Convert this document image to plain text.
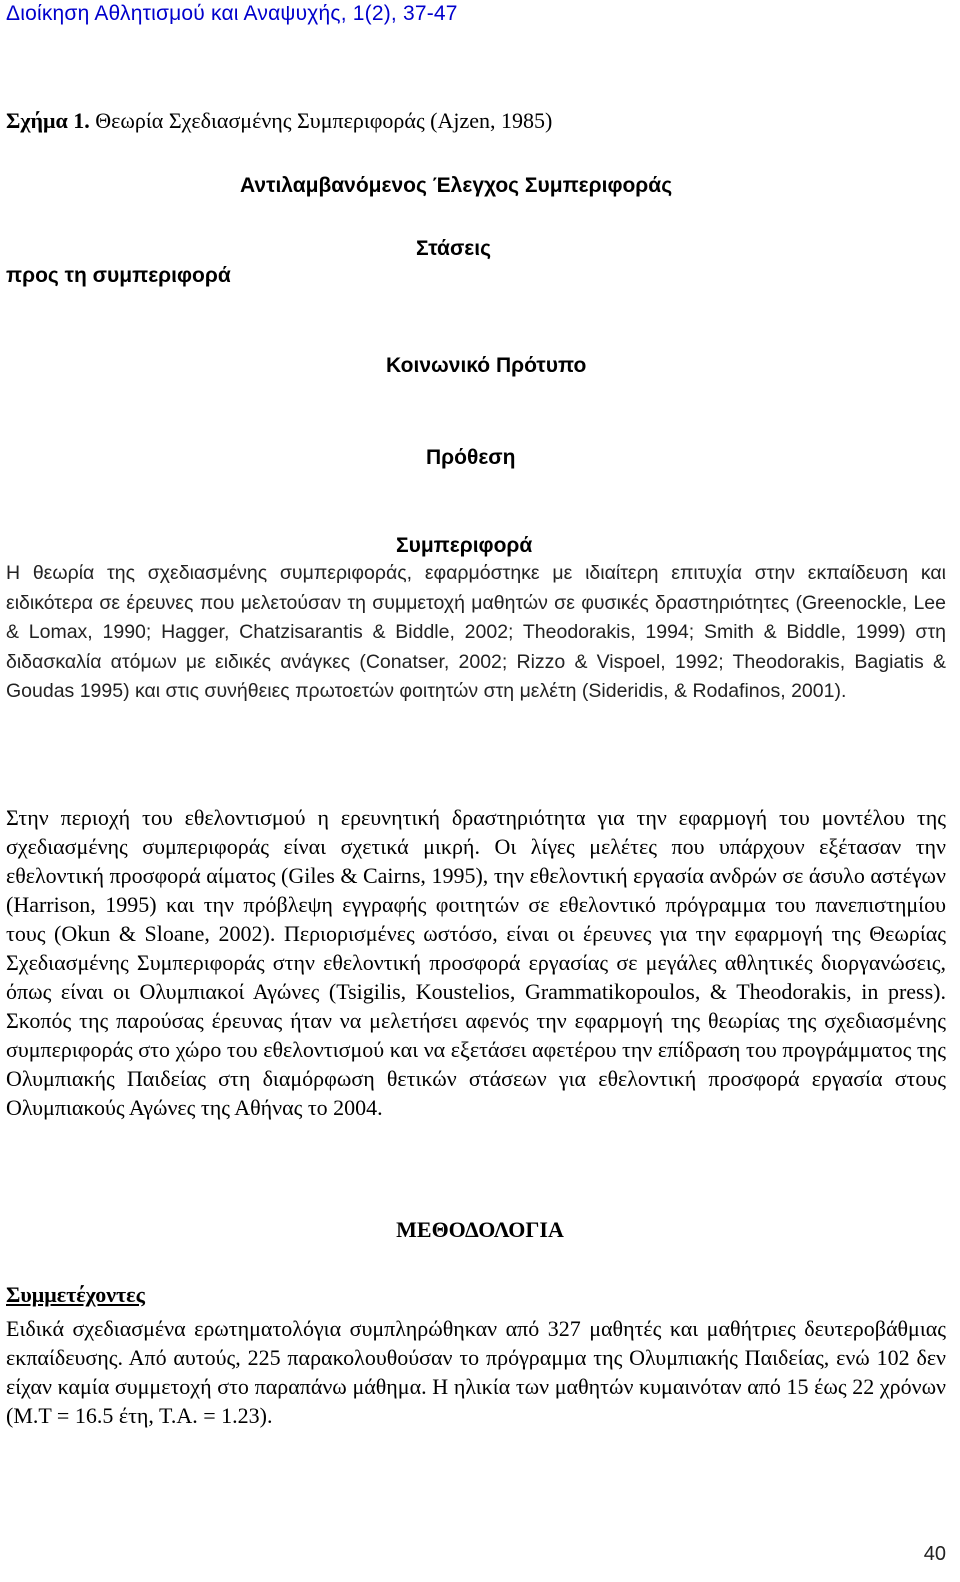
Διοίκηση Αθλητισμού και Αναψυχής, 1(2), 37-47
Σχήμα 1. Θεωρία Σχεδιασμένης Συμπεριφοράς (Ajzen, 1985)
Αντιλαμβανόμενος Έλεγχος Συμπεριφοράς
Στάσεις
προς τη συμπεριφορά
Κοινωνικό Πρότυπο
Πρόθεση
Συμπεριφορά
Η θεωρία της σχεδιασμένης συμπεριφοράς, εφαρμόστηκε με ιδιαίτερη επιτυχία στην εκπαίδευση και ειδικότερα σε έρευνες που μελετούσαν τη συμμετοχή μαθητών σε φυσικές δραστηριότητες (Greenockle, Lee & Lomax, 1990; Hagger, Chatzisarantis & Biddle, 2002; Theodorakis, 1994; Smith & Biddle, 1999) στη διδασκαλία ατόμων με ειδικές ανάγκες (Conatser, 2002; Rizzo & Vispoel, 1992; Theodorakis, Bagiatis & Goudas 1995) και στις συνήθειες πρωτοετών φοιτητών στη μελέτη (Sideridis, & Rodafinos, 2001).
Στην περιοχή του εθελοντισμού η ερευνητική δραστηριότητα για την εφαρμογή του μοντέλου της σχεδιασμένης συμπεριφοράς είναι σχετικά μικρή. Οι λίγες μελέτες που υπάρχουν εξέτασαν την εθελοντική προσφορά αίματος (Giles & Cairns, 1995), την εθελοντική εργασία ανδρών σε άσυλο αστέγων (Harrison, 1995) και την πρόβλεψη εγγραφής φοιτητών σε εθελοντικό πρόγραμμα του πανεπιστημίου τους (Okun & Sloane, 2002). Περιορισμένες ωστόσο, είναι οι έρευνες για την εφαρμογή της Θεωρίας Σχεδιασμένης Συμπεριφοράς στην εθελοντική προσφορά εργασίας σε μεγάλες αθλητικές διοργανώσεις, όπως είναι οι Ολυμπιακοί Αγώνες (Tsigilis, Koustelios, Grammatikopoulos, & Theodorakis, in press). Σκοπός της παρούσας έρευνας ήταν να μελετήσει αφενός την εφαρμογή της θεωρίας της σχεδιασμένης συμπεριφοράς στο χώρο του εθελοντισμού και να εξετάσει αφετέρου την επίδραση του προγράμματος της Ολυμπιακής Παιδείας στη διαμόρφωση θετικών στάσεων για εθελοντική προσφορά εργασία στους Ολυμπιακούς Αγώνες της Αθήνας το 2004.
ΜΕΘΟΔΟΛΟΓΙΑ
Συμμετέχοντες
Ειδικά σχεδιασμένα ερωτηματολόγια συμπληρώθηκαν από 327 μαθητές και μαθήτριες δευτεροβάθμιας εκπαίδευσης. Από αυτούς, 225 παρακολουθούσαν το πρόγραμμα της Ολυμπιακής Παιδείας, ενώ 102 δεν είχαν καμία συμμετοχή στο παραπάνω μάθημα. Η ηλικία των μαθητών κυμαινόταν από 15 έως 22 χρόνων (Μ.Τ = 16.5 έτη, Τ.Α. = 1.23).
40
